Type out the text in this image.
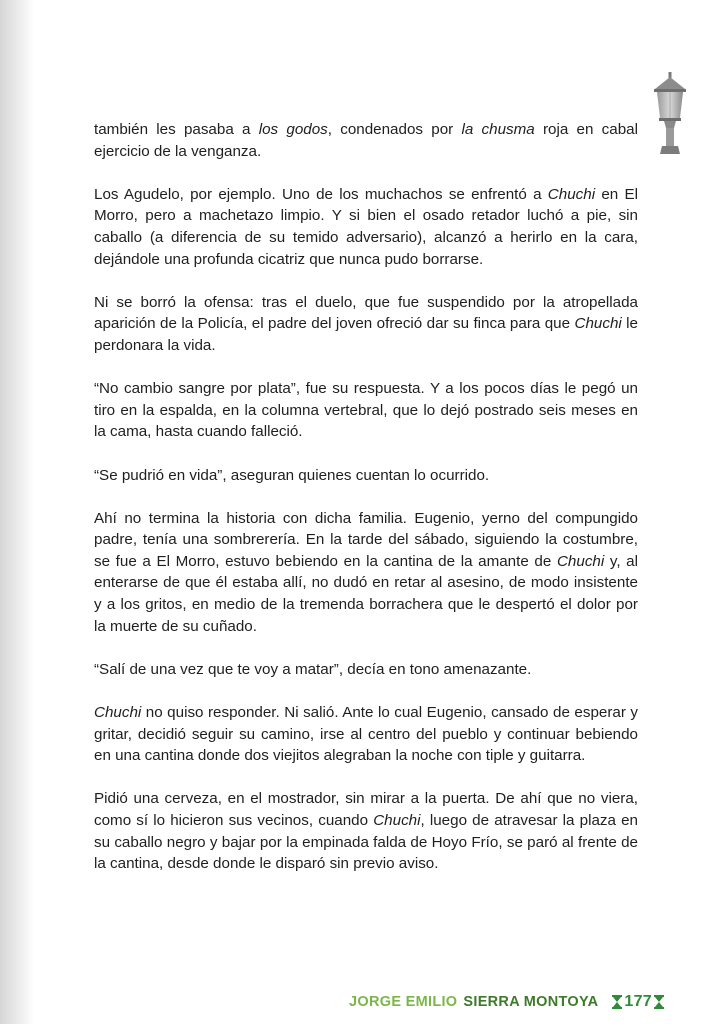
también les pasaba a los godos, condenados por la chusma roja en cabal ejercicio de la venganza.

Los Agudelo, por ejemplo. Uno de los muchachos se enfrentó a Chuchi en El Morro, pero a machetazo limpio. Y si bien el osado retador luchó a pie, sin caballo (a diferencia de su temido adversario), alcanzó a herirlo en la cara, dejándole una profunda cicatriz que nunca pudo borrarse.

Ni se borró la ofensa: tras el duelo, que fue suspendido por la atropellada aparición de la Policía, el padre del joven ofreció dar su finca para que Chuchi le perdonara la vida.

“No cambio sangre por plata”, fue su respuesta. Y a los pocos días le pegó un tiro en la espalda, en la columna vertebral, que lo dejó postrado seis meses en la cama, hasta cuando falleció.

“Se pudrió en vida”, aseguran quienes cuentan lo ocurrido.

Ahí no termina la historia con dicha familia. Eugenio, yerno del compungido padre, tenía una sombrerería. En la tarde del sábado, siguiendo la costumbre, se fue a El Morro, estuvo bebiendo en la cantina de la amante de Chuchi y, al enterarse de que él estaba allí, no dudó en retar al asesino, de modo insistente y a los gritos, en medio de la tremenda borrachera que le despertó el dolor por la muerte de su cuñado.

“Salí de una vez que te voy a matar”, decía en tono amenazante.

Chuchi no quiso responder. Ni salió. Ante lo cual Eugenio, cansado de esperar y gritar, decidió seguir su camino, irse al centro del pueblo y continuar bebiendo en una cantina donde dos viejitos alegraban la noche con tiple y guitarra.

Pidió una cerveza, en el mostrador, sin mirar a la puerta. De ahí que no viera, como sí lo hicieron sus vecinos, cuando Chuchi, luego de atravesar la plaza en su caballo negro y bajar por la empinada falda de Hoyo Frío, se paró al frente de la cantina, desde donde le disparó sin previo aviso.

JORGE EMILIO SIERRA MONTOYA 177
